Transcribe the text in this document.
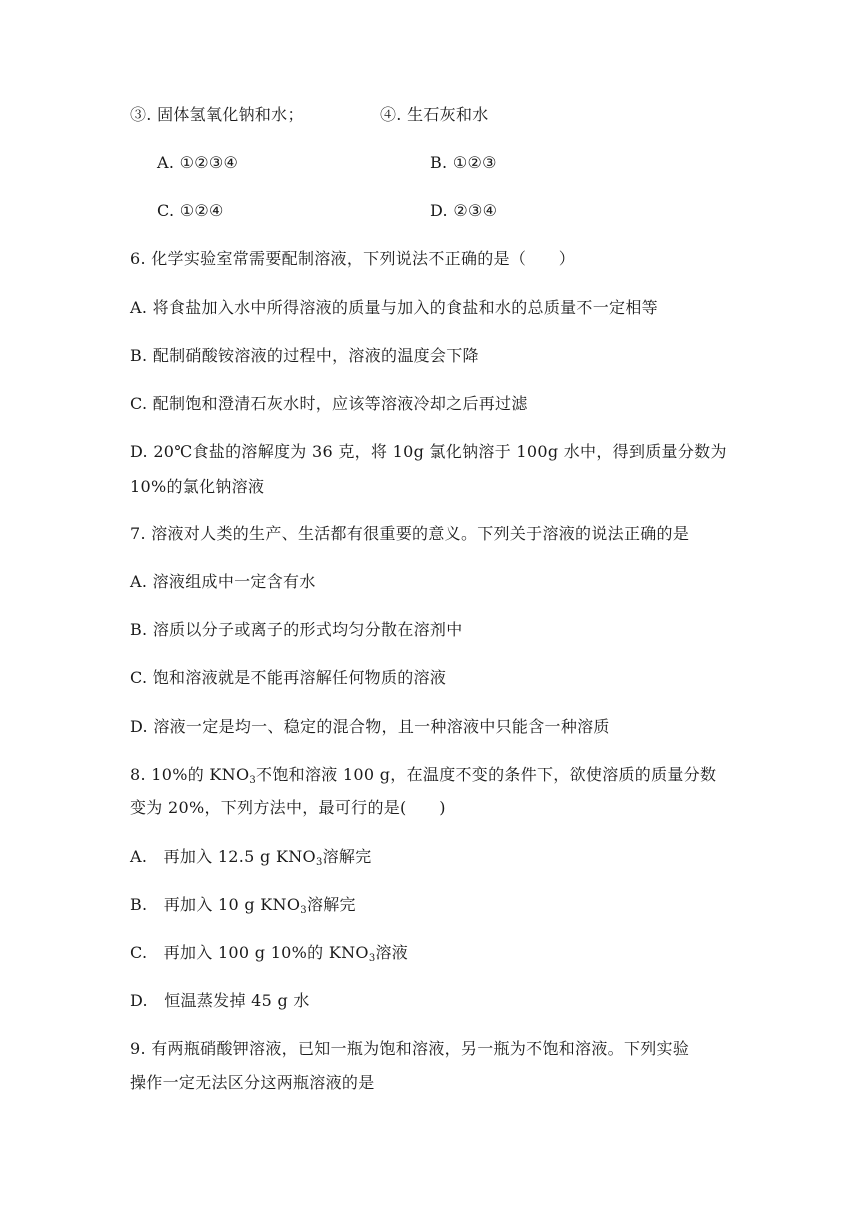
③. 固体氢氧化钠和水；	④. 生石灰和水
A. ①②③④	B. ①②③
C. ①②④	D. ②③④
6. 化学实验室常需要配制溶液，下列说法不正确的是（　　）
A. 将食盐加入水中所得溶液的质量与加入的食盐和水的总质量不一定相等
B. 配制硝酸铵溶液的过程中，溶液的温度会下降
C. 配制饱和澄清石灰水时，应该等溶液冷却之后再过滤
D. 20℃食盐的溶解度为 36 克，将 10g 氯化钠溶于 100g 水中，得到质量分数为
10%的氯化钠溶液
7. 溶液对人类的生产、生活都有很重要的意义。下列关于溶液的说法正确的是
A. 溶液组成中一定含有水
B. 溶质以分子或离子的形式均匀分散在溶剂中
C. 饱和溶液就是不能再溶解任何物质的溶液
D. 溶液一定是均一、稳定的混合物，且一种溶液中只能含一种溶质
8. 10%的 $KNO_3$不饱和溶液 100 g，在温度不变的条件下，欲使溶质的质量分数
变为 20%，下列方法中，最可行的是(　　)
A.　再加入 12.5 g $KNO_3$溶解完
B.　再加入 10 g $KNO_3$溶解完
C.　再加入 100 g 10%的 $KNO_3$溶液
D.　恒温蒸发掉 45 g 水
9. 有两瓶硝酸钾溶液，已知一瓶为饱和溶液，另一瓶为不饱和溶液。下列实验
操作一定无法区分这两瓶溶液的是
